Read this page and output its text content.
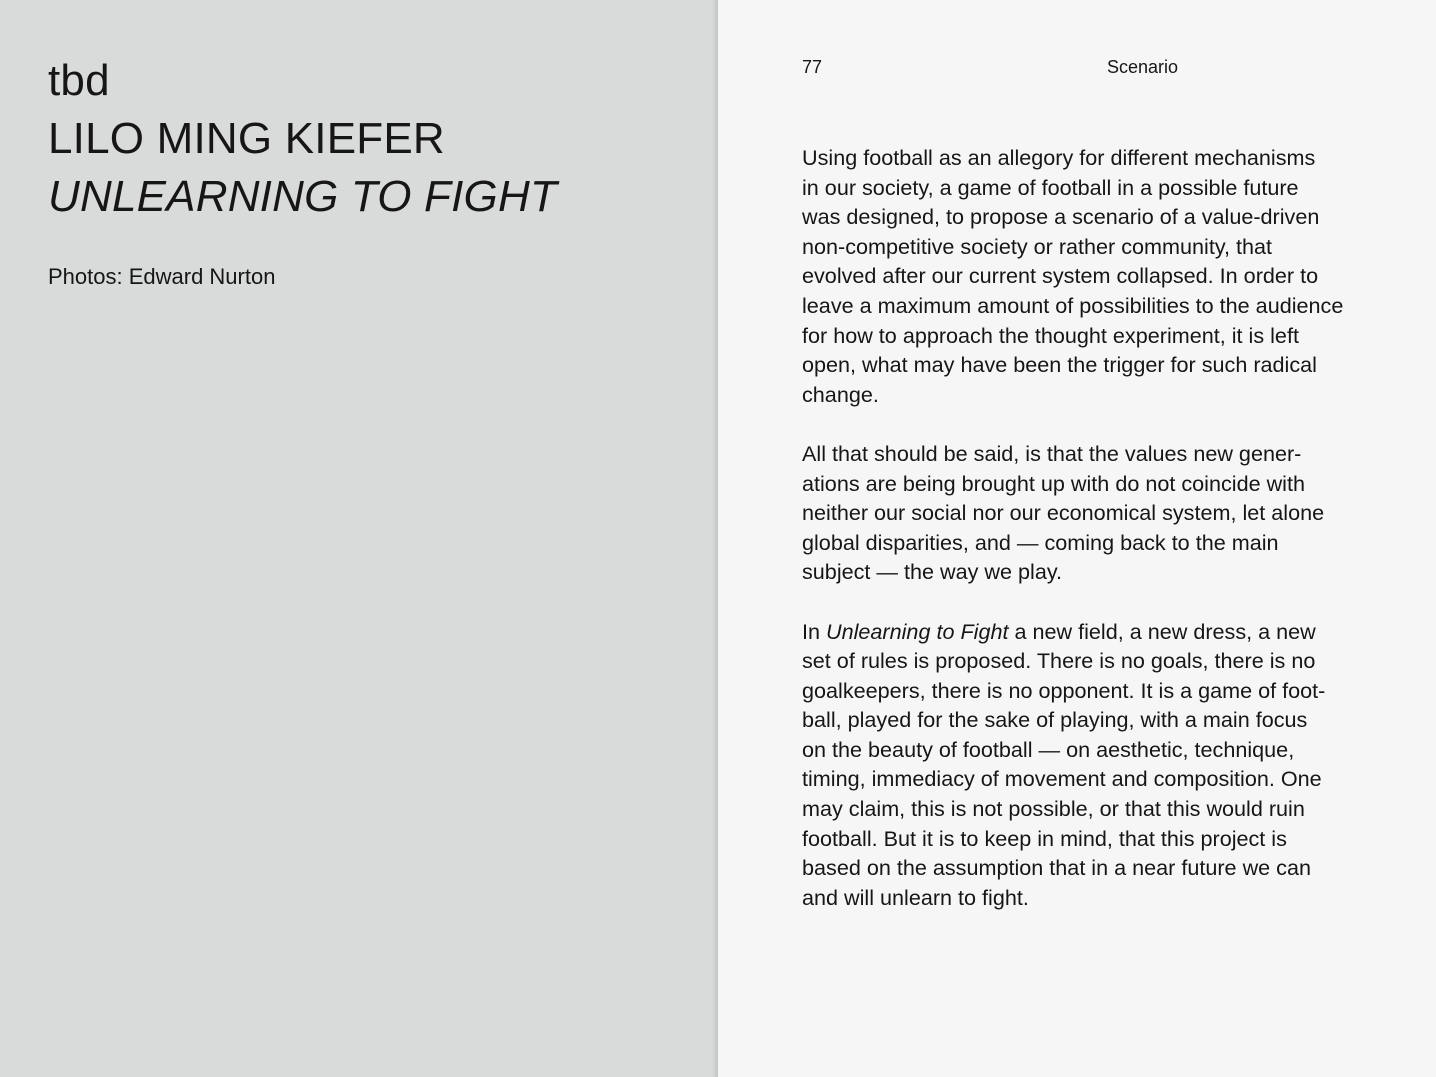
tbd
LILO MING KIEFER
UNLEARNING TO FIGHT

Photos: Edward Nurton

77	Scenario

Using football as an allegory for different mechanisms
in our society, a game of football in a possible future
was designed, to propose a scenario of a value-driven
non-competitive society or rather community, that
evolved after our current system collapsed. In order to
leave a maximum amount of possibilities to the audience
for how to approach the thought experiment, it is left
open, what may have been the trigger for such radical
change.

All that should be said, is that the values new gener-
ations are being brought up with do not coincide with
neither our social nor our economical system, let alone
global disparities, and — coming back to the main
subject — the way we play.

In Unlearning to Fight a new field, a new dress, a new
set of rules is proposed. There is no goals, there is no
goalkeepers, there is no opponent. It is a game of foot-
ball, played for the sake of playing, with a main focus
on the beauty of football — on aesthetic, technique,
timing, immediacy of movement and composition. One
may claim, this is not possible, or that this would ruin
football. But it is to keep in mind, that this project is
based on the assumption that in a near future we can
and will unlearn to fight.
